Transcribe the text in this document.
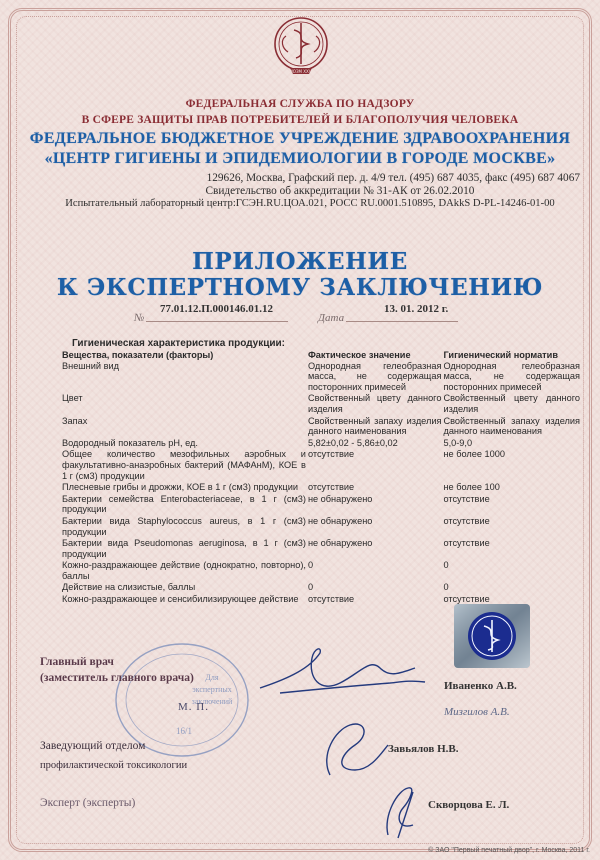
МОЗМ ХХVI
ФЕДЕРАЛЬНАЯ СЛУЖБА ПО НАДЗОРУ
В СФЕРЕ ЗАЩИТЫ ПРАВ ПОТРЕБИТЕЛЕЙ И БЛАГОПОЛУЧИЯ ЧЕЛОВЕКА
ФЕДЕРАЛЬНОЕ БЮДЖЕТНОЕ УЧРЕЖДЕНИЕ ЗДРАВООХРАНЕНИЯ
«ЦЕНТР ГИГИЕНЫ И ЭПИДЕМИОЛОГИИ В ГОРОДЕ МОСКВЕ»
129626, Москва, Графский пер. д. 4/9 тел. (495) 687 4035, факс (495) 687 4067
Свидетельство об аккредитации № 31-АК от 26.02.2010
Испытательный лабораторный центр:ГСЭН.RU.ЦОА.021, РОСС RU.0001.510895, DAkkS D-PL-14246-01-00
ПРИЛОЖЕНИЕ
К ЭКСПЕРТНОМУ ЗАКЛЮЧЕНИЮ
№
77.01.12.П.000146.01.12
Дата
13. 01. 2012 г.
Гигиеническая характеристика продукции:
Вещества, показатели (факторы)	Фактическое значение	Гигиенический норматив
Внешний вид	Однородная гелеобразная масса, не содержащая посторонних примесей	Однородная гелеобразная масса, не содержащая посторонних примесей
Цвет	Свойственный цвету данного изделия	Свойственный цвету данного изделия
Запах	Свойственный запаху изделия данного наименования	Свойственный запаху изделия данного наименования
Водородный показатель рН, ед.	5,82±0,02 - 5,86±0,02	5,0-9,0
Общее количество мезофильных аэробных и факультативно-анаэробных бактерий (МАФАнМ), КОЕ в 1 г (см3) продукции	отсутствие	не более 1000
Плесневые грибы и дрожжи, КОЕ в 1 г (см3) продукции	отсутствие	не более 100
Бактерии семейства Enterobacteriaceae, в 1 г (см3) продукции	не обнаружено	отсутствие
Бактерии вида Staphylococcus aureus, в 1 г (см3) продукции	не обнаружено	отсутствие
Бактерии вида Pseudomonas aeruginosa, в 1 г (см3) продукции	не обнаружено	отсутствие
Кожно-раздражающее действие (однократно, повторно), баллы	0	0
Действие на слизистые, баллы	0	0
Кожно-раздражающее и сенсибилизирующее действие	отсутствие	отсутствие
Для
экспертных
заключений
16/1
М. П.
Главный врач
(заместитель главного врача)
Иваненко А.В.
Мизгилов А.В.
Заведующий отделом
профилактической токсикологии
Завьялов Н.В.
Эксперт (эксперты)	Скворцова Е. Л.
© ЗАО "Первый печатный двор", г. Москва, 2011 г.
